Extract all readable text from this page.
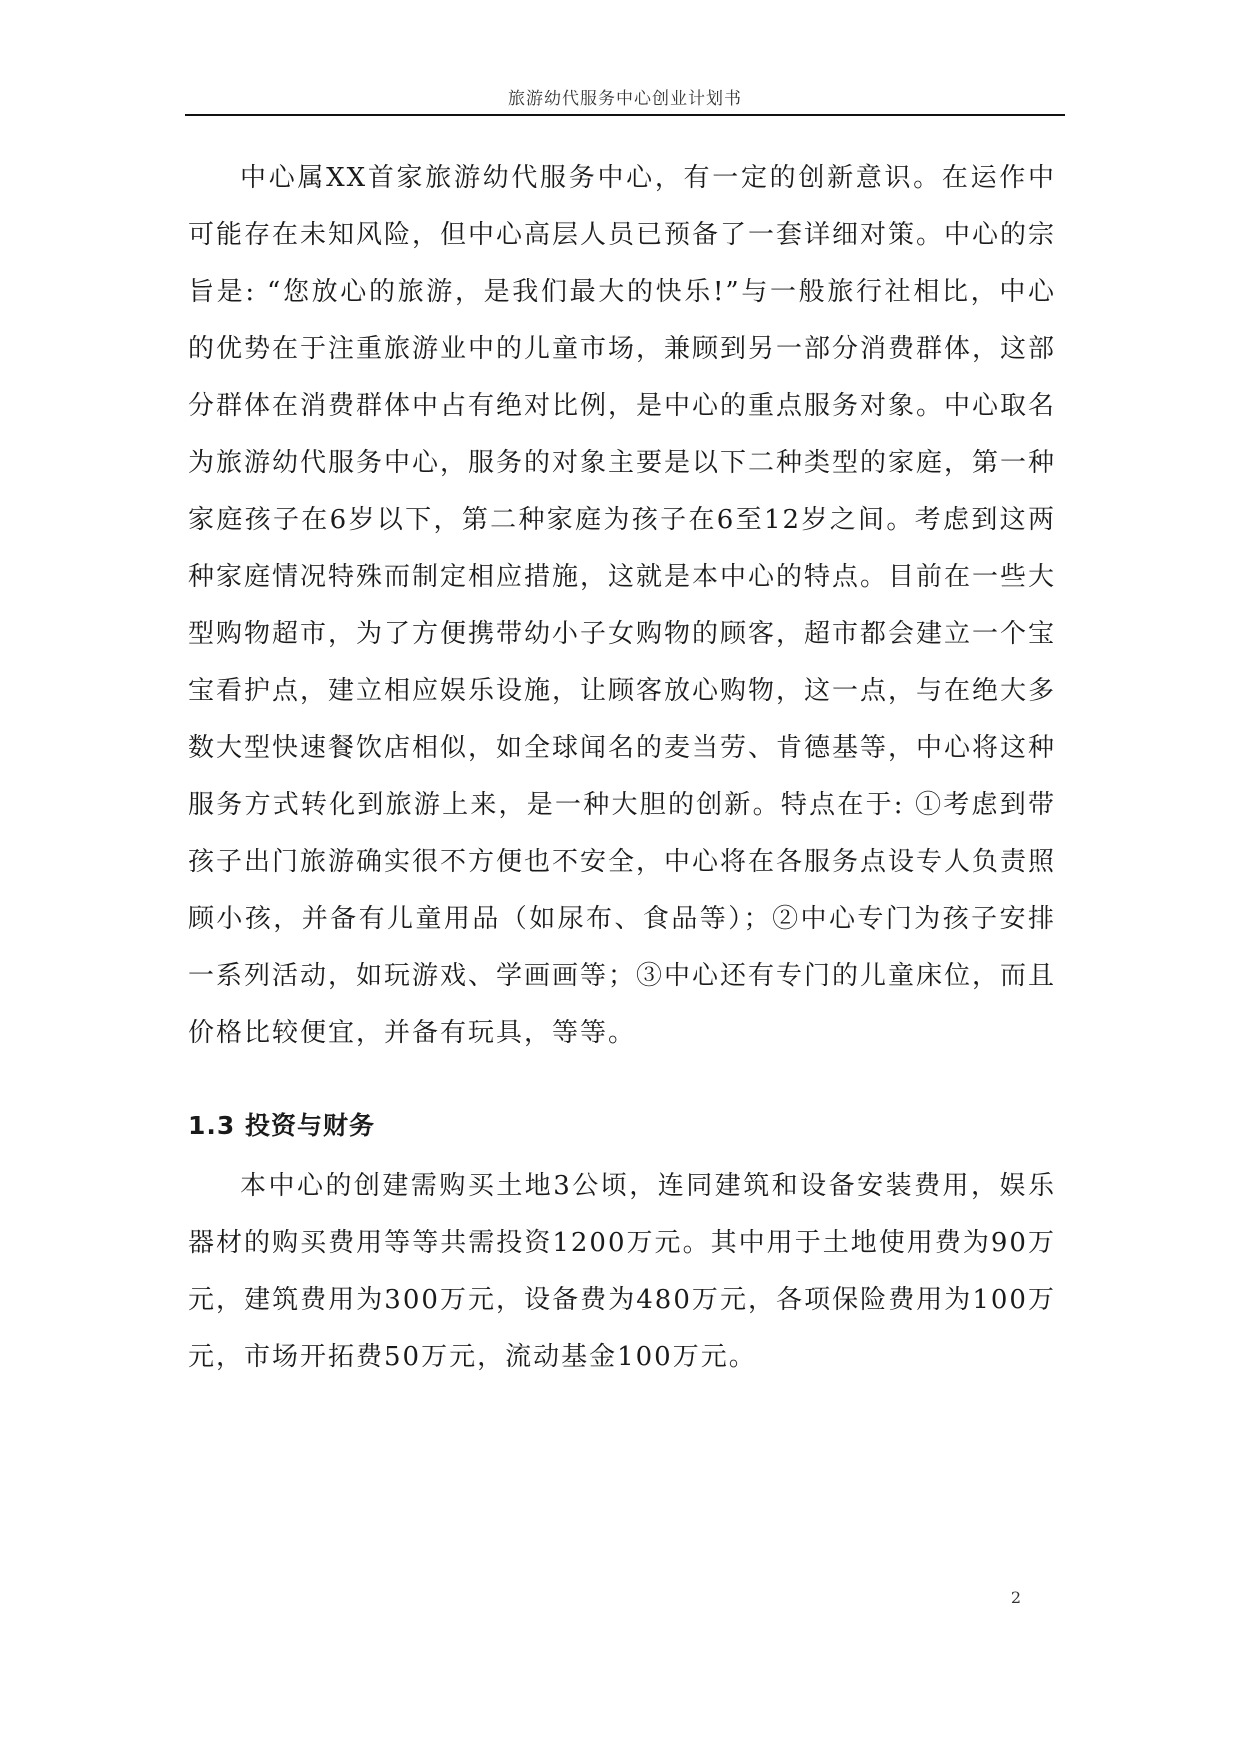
旅游幼代服务中心创业计划书

中心属XX首家旅游幼代服务中心，有一定的创新意识。在运作中可能存在未知风险，但中心高层人员已预备了一套详细对策。中心的宗旨是: “您放心的旅游，是我们最大的快乐!”与一般旅行社相比，中心的优势在于注重旅游业中的儿童市场，兼顾到另一部分消费群体，这部分群体在消费群体中占有绝对比例，是中心的重点服务对象。中心取名为旅游幼代服务中心，服务的对象主要是以下二种类型的家庭，第一种家庭孩子在6岁以下，第二种家庭为孩子在6至12岁之间。考虑到这两种家庭情况特殊而制定相应措施，这就是本中心的特点。目前在一些大型购物超市，为了方便携带幼小子女购物的顾客，超市都会建立一个宝宝看护点，建立相应娱乐设施，让顾客放心购物，这一点，与在绝大多数大型快速餐饮店相似，如全球闻名的麦当劳、肯德基等，中心将这种服务方式转化到旅游上来，是一种大胆的创新。特点在于: ①考虑到带孩子出门旅游确实很不方便也不安全，中心将在各服务点设专人负责照顾小孩，并备有儿童用品（如尿布、食品等）；②中心专门为孩子安排一系列活动，如玩游戏、学画画等；③中心还有专门的儿童床位，而且价格比较便宜，并备有玩具，等等。

1.3 投资与财务

本中心的创建需购买土地3公顷，连同建筑和设备安装费用，娱乐器材的购买费用等等共需投资1200万元。其中用于土地使用费为90万元，建筑费用为300万元，设备费为480万元，各项保险费用为100万元，市场开拓费50万元，流动基金100万元。

2
